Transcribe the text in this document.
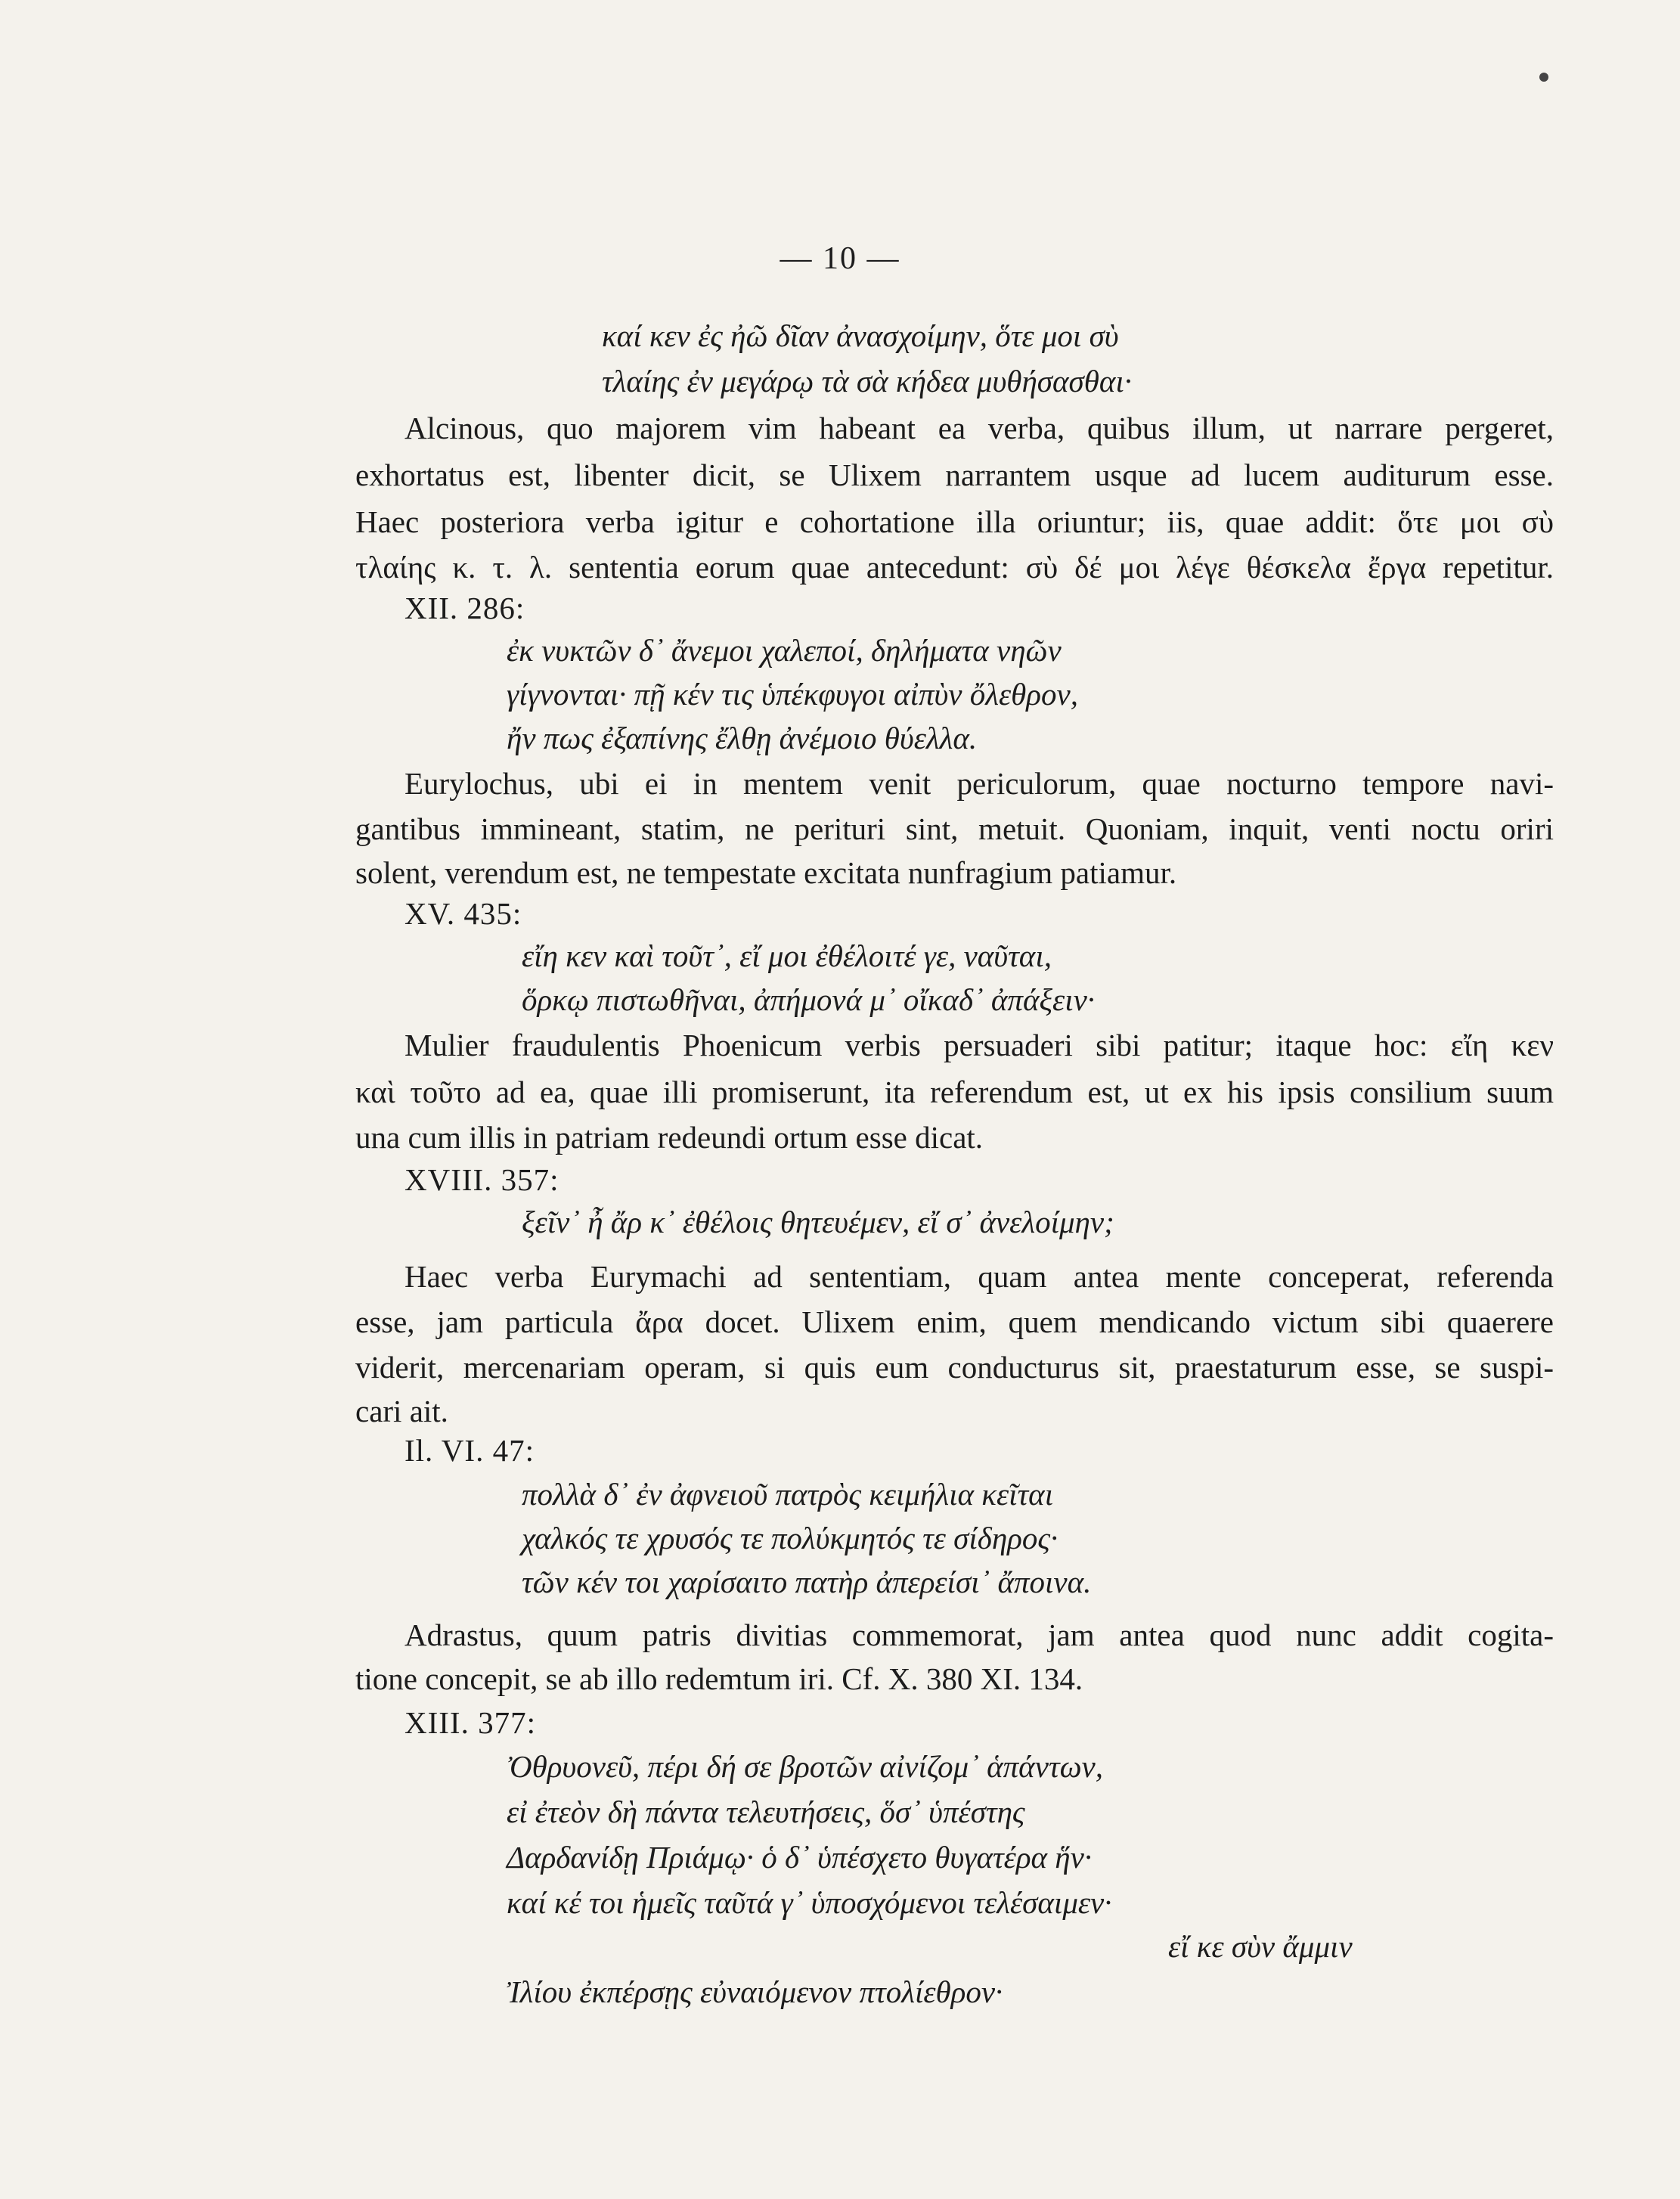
— 10 —
καί κεν ἐς ἠῶ δῖαν ἀνασχοίμην, ὅτε μοι σὺ
τλαίης ἐν μεγάρῳ τὰ σὰ κήδεα μυθήσασθαι·
Alcinous, quo majorem vim habeant ea verba, quibus illum, ut narrare pergeret,
exhortatus est, libenter dicit, se Ulixem narrantem usque ad lucem auditurum esse.
Haec posteriora verba igitur e cohortatione illa oriuntur; iis, quae addit: ὅτε μοι σὺ
τλαίης κ. τ. λ. sententia eorum quae antecedunt: σὺ δέ μοι λέγε θέσκελα ἔργα repetitur.
XII. 286:
ἐκ νυκτῶν δ᾽ ἄνεμοι χαλεποί, δηλήματα νηῶν
γίγνονται· πῇ κέν τις ὑπέκφυγοι αἰπὺν ὄλεθρον,
ἤν πως ἐξαπίνης ἔλθῃ ἀνέμοιο θύελλα.
Eurylochus, ubi ei in mentem venit periculorum, quae nocturno tempore navi-
gantibus immineant, statim, ne perituri sint, metuit. Quoniam, inquit, venti noctu oriri
solent, verendum est, ne tempestate excitata nunfragium patiamur.
XV. 435:
εἴη κεν καὶ τοῦτ᾽, εἴ μοι ἐθέλοιτέ γε, ναῦται,
ὅρκῳ πιστωθῆναι, ἀπήμονά μ᾽ οἴκαδ᾽ ἀπάξειν·
Mulier fraudulentis Phoenicum verbis persuaderi sibi patitur; itaque hoc: εἴη κεν
καὶ τοῦτο ad ea, quae illi promiserunt, ita referendum est, ut ex his ipsis consilium suum
una cum illis in patriam redeundi ortum esse dicat.
XVIII. 357:
ξεῖν᾽ ἦ ἄρ κ᾽ ἐθέλοις θητευέμεν, εἴ σ᾽ ἀνελοίμην;
Haec verba Eurymachi ad sententiam, quam antea mente conceperat, referenda
esse, jam particula ἄρα docet. Ulixem enim, quem mendicando victum sibi quaerere
viderit, mercenariam operam, si quis eum conducturus sit, praestaturum esse, se suspi-
cari ait.
Il. VI. 47:
πολλὰ δ᾽ ἐν ἀφνειοῦ πατρὸς κειμήλια κεῖται
χαλκός τε χρυσός τε πολύκμητός τε σίδηρος·
τῶν κέν τοι χαρίσαιτο πατὴρ ἀπερείσι᾽ ἄποινα.
Adrastus, quum patris divitias commemorat, jam antea quod nunc addit cogita-
tione concepit, se ab illo redemtum iri. Cf. X. 380 XI. 134.
XIII. 377:
Ὀθρυονεῦ, πέρι δή σε βροτῶν αἰνίζομ᾽ ἁπάντων,
εἰ ἐτεὸν δὴ πάντα τελευτήσεις, ὅσ᾽ ὑπέστης
Δαρδανίδῃ Πριάμῳ· ὁ δ᾽ ὑπέσχετο θυγατέρα ἥν·
καί κέ τοι ἡμεῖς ταῦτά γ᾽ ὑποσχόμενοι τελέσαιμεν·
εἴ κε σὺν ἄμμιν
Ἰλίου ἐκπέρσῃς εὐναιόμενον πτολίεθρον·
